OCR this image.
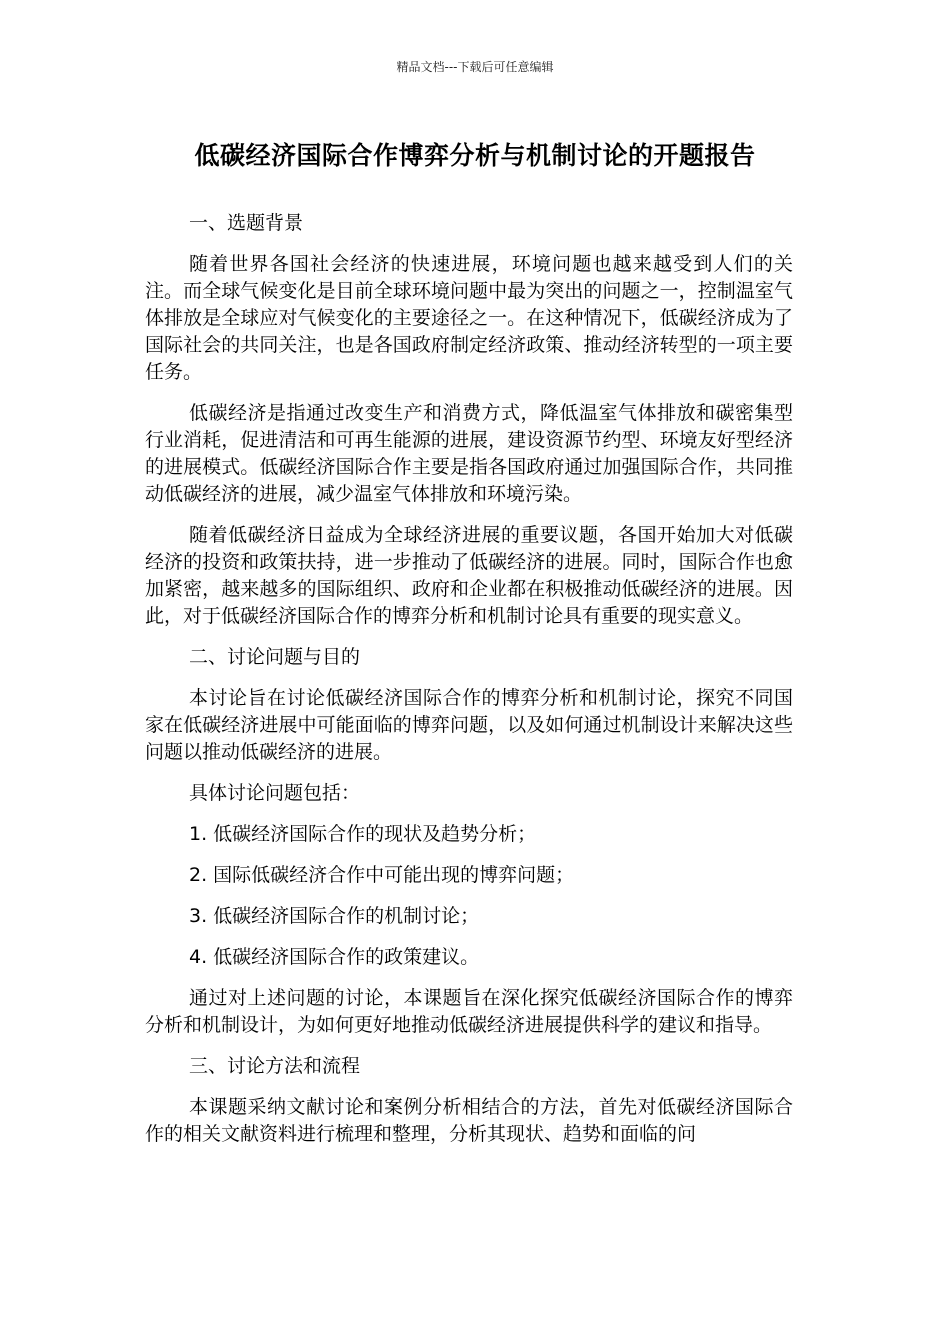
精品文档---下载后可任意编辑
低碳经济国际合作博弈分析与机制讨论的开题报告

一、选题背景

随着世界各国社会经济的快速进展，环境问题也越来越受到人们的关注。而全球气候变化是目前全球环境问题中最为突出的问题之一，控制温室气体排放是全球应对气候变化的主要途径之一。在这种情况下，低碳经济成为了国际社会的共同关注，也是各国政府制定经济政策、推动经济转型的一项主要任务。

低碳经济是指通过改变生产和消费方式，降低温室气体排放和碳密集型行业消耗，促进清洁和可再生能源的进展，建设资源节约型、环境友好型经济的进展模式。低碳经济国际合作主要是指各国政府通过加强国际合作，共同推动低碳经济的进展，减少温室气体排放和环境污染。

随着低碳经济日益成为全球经济进展的重要议题，各国开始加大对低碳经济的投资和政策扶持，进一步推动了低碳经济的进展。同时，国际合作也愈加紧密，越来越多的国际组织、政府和企业都在积极推动低碳经济的进展。因此，对于低碳经济国际合作的博弈分析和机制讨论具有重要的现实意义。

二、讨论问题与目的

本讨论旨在讨论低碳经济国际合作的博弈分析和机制讨论，探究不同国家在低碳经济进展中可能面临的博弈问题，以及如何通过机制设计来解决这些问题以推动低碳经济的进展。

具体讨论问题包括：

1. 低碳经济国际合作的现状及趋势分析；

2. 国际低碳经济合作中可能出现的博弈问题；

3. 低碳经济国际合作的机制讨论；

4. 低碳经济国际合作的政策建议。

通过对上述问题的讨论，本课题旨在深化探究低碳经济国际合作的博弈分析和机制设计，为如何更好地推动低碳经济进展提供科学的建议和指导。

三、讨论方法和流程

本课题采纳文献讨论和案例分析相结合的方法，首先对低碳经济国际合作的相关文献资料进行梳理和整理，分析其现状、趋势和面临的问
